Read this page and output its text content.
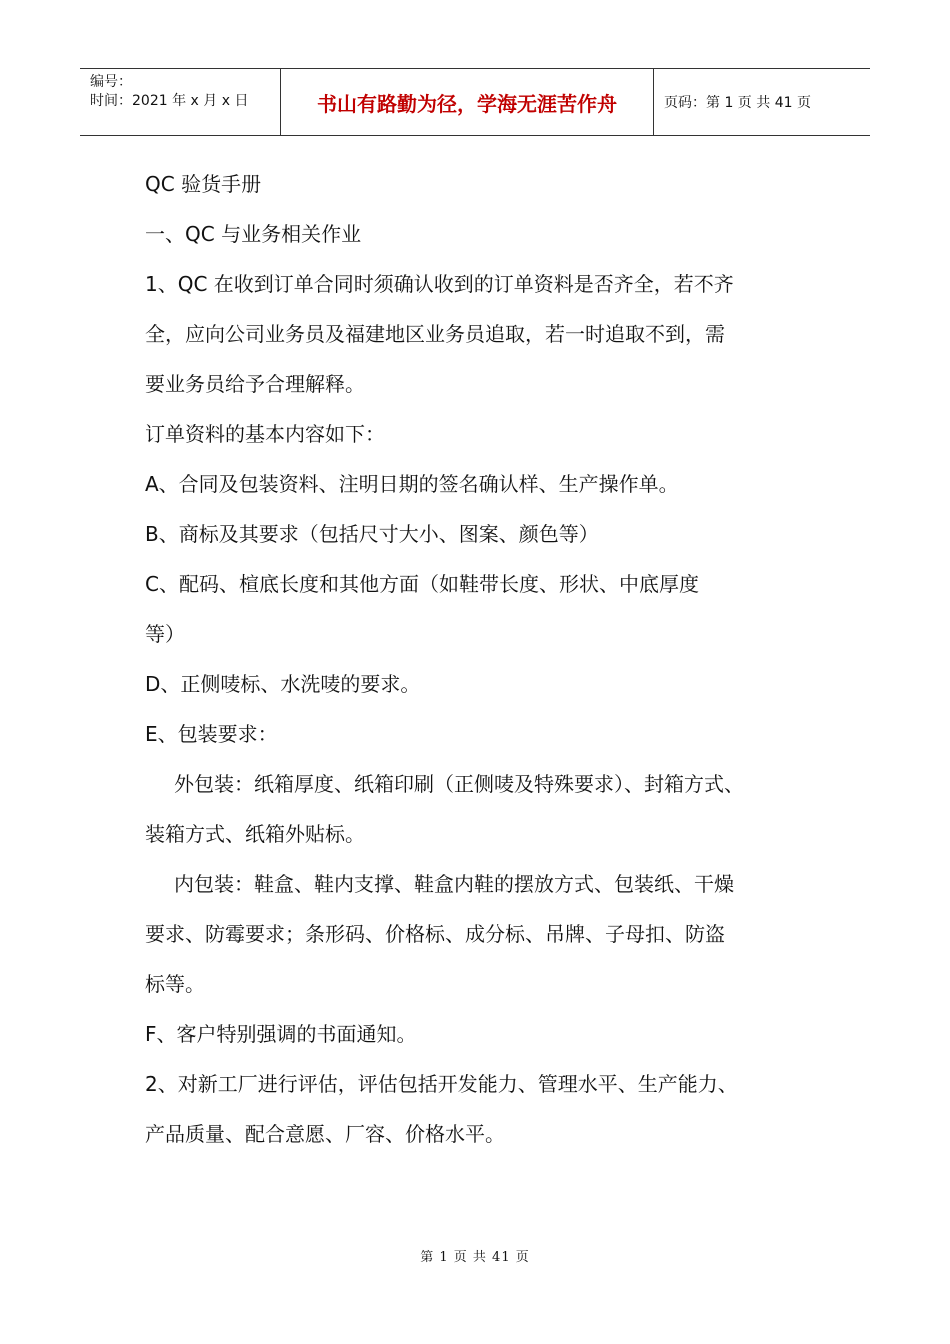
编号：
时间：2021 年 x 月 x 日	书山有路勤为径，学海无涯苦作舟	页码：第 1 页 共 41 页

QC 验货手册

一、QC 与业务相关作业

1、QC 在收到订单合同时须确认收到的订单资料是否齐全，若不齐

全，应向公司业务员及福建地区业务员追取，若一时追取不到，需

要业务员给予合理解释。

订单资料的基本内容如下：

A、合同及包装资料、注明日期的签名确认样、生产操作单。

B、商标及其要求（包括尺寸大小、图案、颜色等）

C、配码、楦底长度和其他方面（如鞋带长度、形状、中底厚度

等）

D、正侧唛标、水洗唛的要求。

E、包装要求：

外包装：纸箱厚度、纸箱印刷（正侧唛及特殊要求）、封箱方式、

装箱方式、纸箱外贴标。

内包装：鞋盒、鞋内支撑、鞋盒内鞋的摆放方式、包装纸、干燥

要求、防霉要求；条形码、价格标、成分标、吊牌、子母扣、防盗

标等。

F、客户特别强调的书面通知。

2、对新工厂进行评估，评估包括开发能力、管理水平、生产能力、

产品质量、配合意愿、厂容、价格水平。

第 1 页 共 41 页
